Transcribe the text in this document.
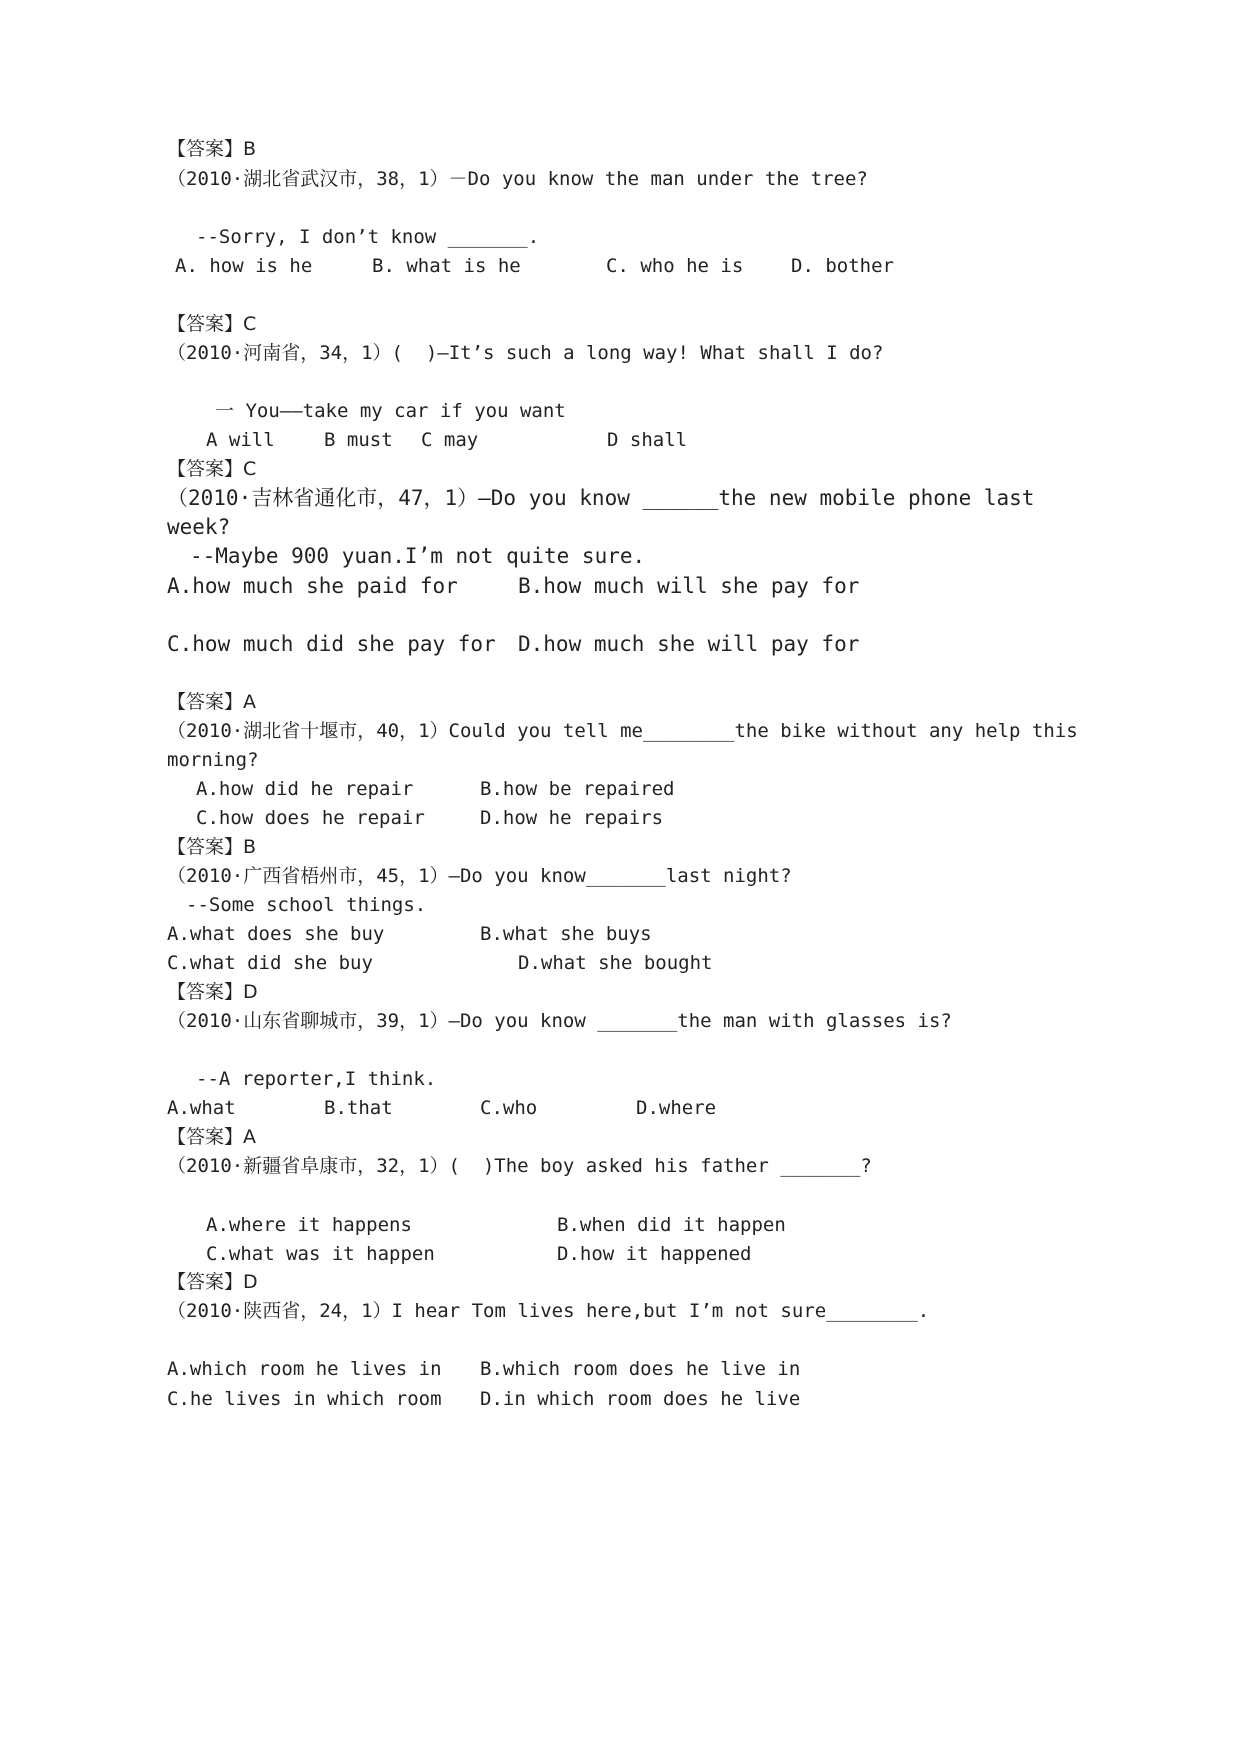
【答案】B
（2010·湖北省武汉市，38，1）－Do you know the man under the tree?
--Sorry, I don’t know _______.
A. how is he	B. what is he	C. who he is	D. bother
【答案】C
（2010·河南省，34，1）(  )—It’s such a long way! What shall I do?
一 You——take my car if you want
A will	B must C may	D shall
【答案】C
（2010·吉林省通化市，47，1）—Do you know ______the new mobile phone last
week?
--Maybe 900 yuan.I’m not quite sure.
A.how much she paid for	B.how much will she pay for
C.how much did she pay for D.how much she will pay for
【答案】A
（2010·湖北省十堰市，40，1）Could you tell me________the bike without any help this
morning?
A.how did he repair	B.how be repaired
C.how does he repair	D.how he repairs
【答案】B
（2010·广西省梧州市，45，1）—Do you know_______last night?
--Some school things.
A.what does she buy	B.what she buys
C.what did she buy	D.what she bought
【答案】D
（2010·山东省聊城市，39，1）—Do you know _______the man with glasses is?
--A reporter,I think.
A.what	B.that	C.who	D.where
【答案】A
（2010·新疆省阜康市，32，1）(  )The boy asked his father _______?
A.where it happens	B.when did it happen
C.what was it happen	D.how it happened
【答案】D
（2010·陕西省，24，1）I hear Tom lives here,but I’m not sure________.
A.which room he lives in B.which room does he live in
C.he lives in which room D.in which room does he live
